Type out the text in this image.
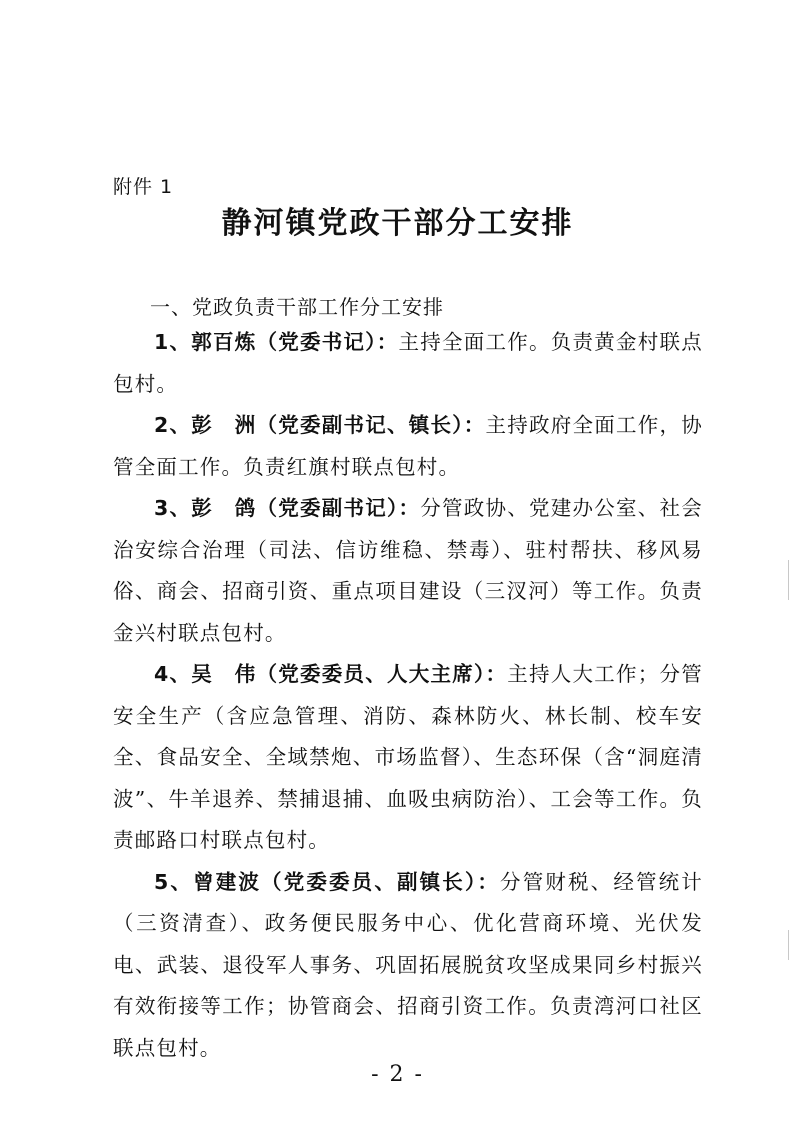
附件 1
静河镇党政干部分工安排
一、党政负责干部工作分工安排

1、郭百炼（党委书记）：主持全面工作。负责黄金村联点包村。

2、彭　洲（党委副书记、镇长）：主持政府全面工作，协管全面工作。负责红旗村联点包村。

3、彭　鸽（党委副书记）：分管政协、党建办公室、社会治安综合治理（司法、信访维稳、禁毒）、驻村帮扶、移风易俗、商会、招商引资、重点项目建设（三汊河）等工作。负责金兴村联点包村。

4、吴　伟（党委委员、人大主席）：主持人大工作；分管安全生产（含应急管理、消防、森林防火、林长制、校车安全、食品安全、全域禁炮、市场监督）、生态环保（含“洞庭清波”、牛羊退养、禁捕退捕、血吸虫病防治）、工会等工作。负责邮路口村联点包村。

5、曾建波（党委委员、副镇长）：分管财税、经管统计（三资清查）、政务便民服务中心、优化营商环境、光伏发电、武装、退役军人事务、巩固拓展脱贫攻坚成果同乡村振兴有效衔接等工作；协管商会、招商引资工作。负责湾河口社区联点包村。

- 2 -
